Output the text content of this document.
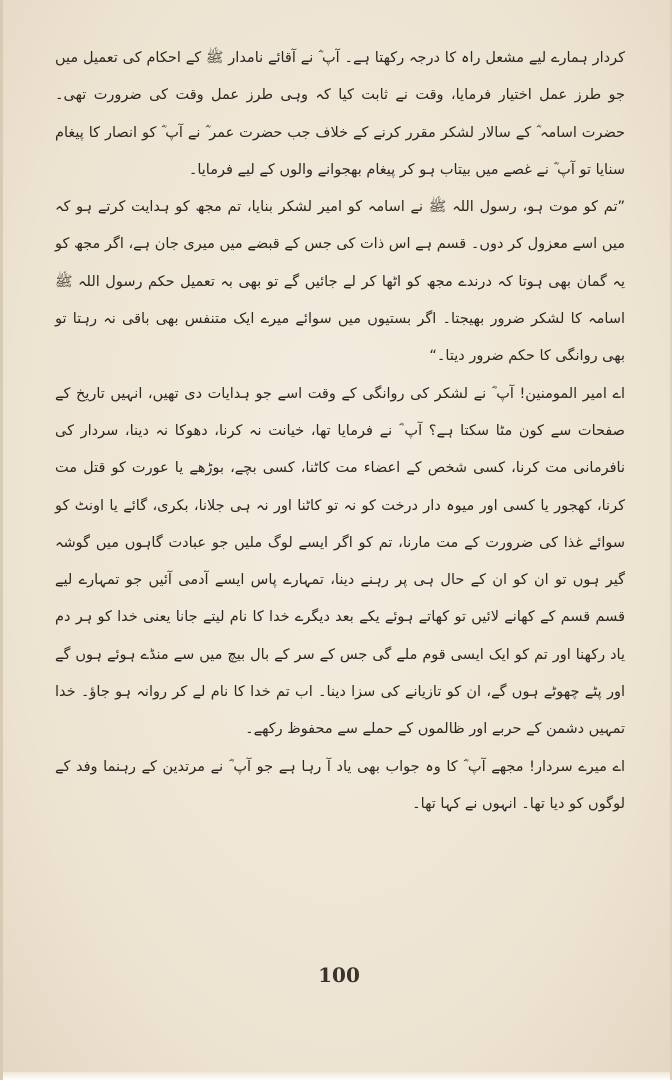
کردار ہمارے لیے مشعل راہ کا درجہ رکھتا ہے۔ آپ ؓ نے آقائے نامدار ﷺ کے احکام کی تعمیل میں جو طرز عمل اختیار فرمایا، وقت نے ثابت کیا کہ وہی طرز عمل وقت کی ضرورت تھی۔ حضرت اسامہ ؓ کے سالار لشکر مقرر کرنے کے خلاف جب حضرت عمر ؓ نے آپ ؓ کو انصار کا پیغام سنایا تو آپ ؓ نے غصے میں بیتاب ہو کر پیغام بھجوانے والوں کے لیے فرمایا۔

”تم کو موت ہو، رسول اللہ ﷺ نے اسامہ کو امیر لشکر بنایا، تم مجھ کو ہدایت کرتے ہو کہ میں اسے معزول کر دوں۔ قسم ہے اس ذات کی جس کے قبضے میں میری جان ہے، اگر مجھ کو یہ گمان بھی ہوتا کہ درندے مجھ کو اٹھا کر لے جائیں گے تو بھی بہ تعمیل حکم رسول اللہ ﷺ اسامہ کا لشکر ضرور بھیجتا۔ اگر بستیوں میں سوائے میرے ایک متنفس بھی باقی نہ رہتا تو بھی روانگی کا حکم ضرور دیتا۔“

اے امیر المومنین! آپ ؓ نے لشکر کی روانگی کے وقت اسے جو ہدایات دی تھیں، انہیں تاریخ کے صفحات سے کون مٹا سکتا ہے؟ آپ ؓ نے فرمایا تھا، خیانت نہ کرنا، دھوکا نہ دینا، سردار کی نافرمانی مت کرنا، کسی شخص کے اعضاء مت کاٹنا، کسی بچے، بوڑھے یا عورت کو قتل مت کرنا، کھجور یا کسی اور میوہ دار درخت کو نہ تو کاٹنا اور نہ ہی جلانا، بکری، گائے یا اونٹ کو سوائے غذا کی ضرورت کے مت مارنا، تم کو اگر ایسے لوگ ملیں جو عبادت گاہوں میں گوشہ گیر ہوں تو ان کو ان کے حال ہی پر رہنے دینا، تمہارے پاس ایسے آدمی آئیں جو تمہارے لیے قسم قسم کے کھانے لائیں تو کھاتے ہوئے یکے بعد دیگرے خدا کا نام لیتے جانا یعنی خدا کو ہر دم یاد رکھنا اور تم کو ایک ایسی قوم ملے گی جس کے سر کے بال بیچ میں سے منڈے ہوئے ہوں گے اور پٹے چھوٹے ہوں گے، ان کو تازیانے کی سزا دینا۔ اب تم خدا کا نام لے کر روانہ ہو جاؤ۔ خدا تمہیں دشمن کے حربے اور ظالموں کے حملے سے محفوظ رکھے۔

اے میرے سردار! مجھے آپ ؓ کا وہ جواب بھی یاد آ رہا ہے جو آپ ؓ نے مرتدین کے رہنما وفد کے لوگوں کو دیا تھا۔ انہوں نے کہا تھا۔

100
